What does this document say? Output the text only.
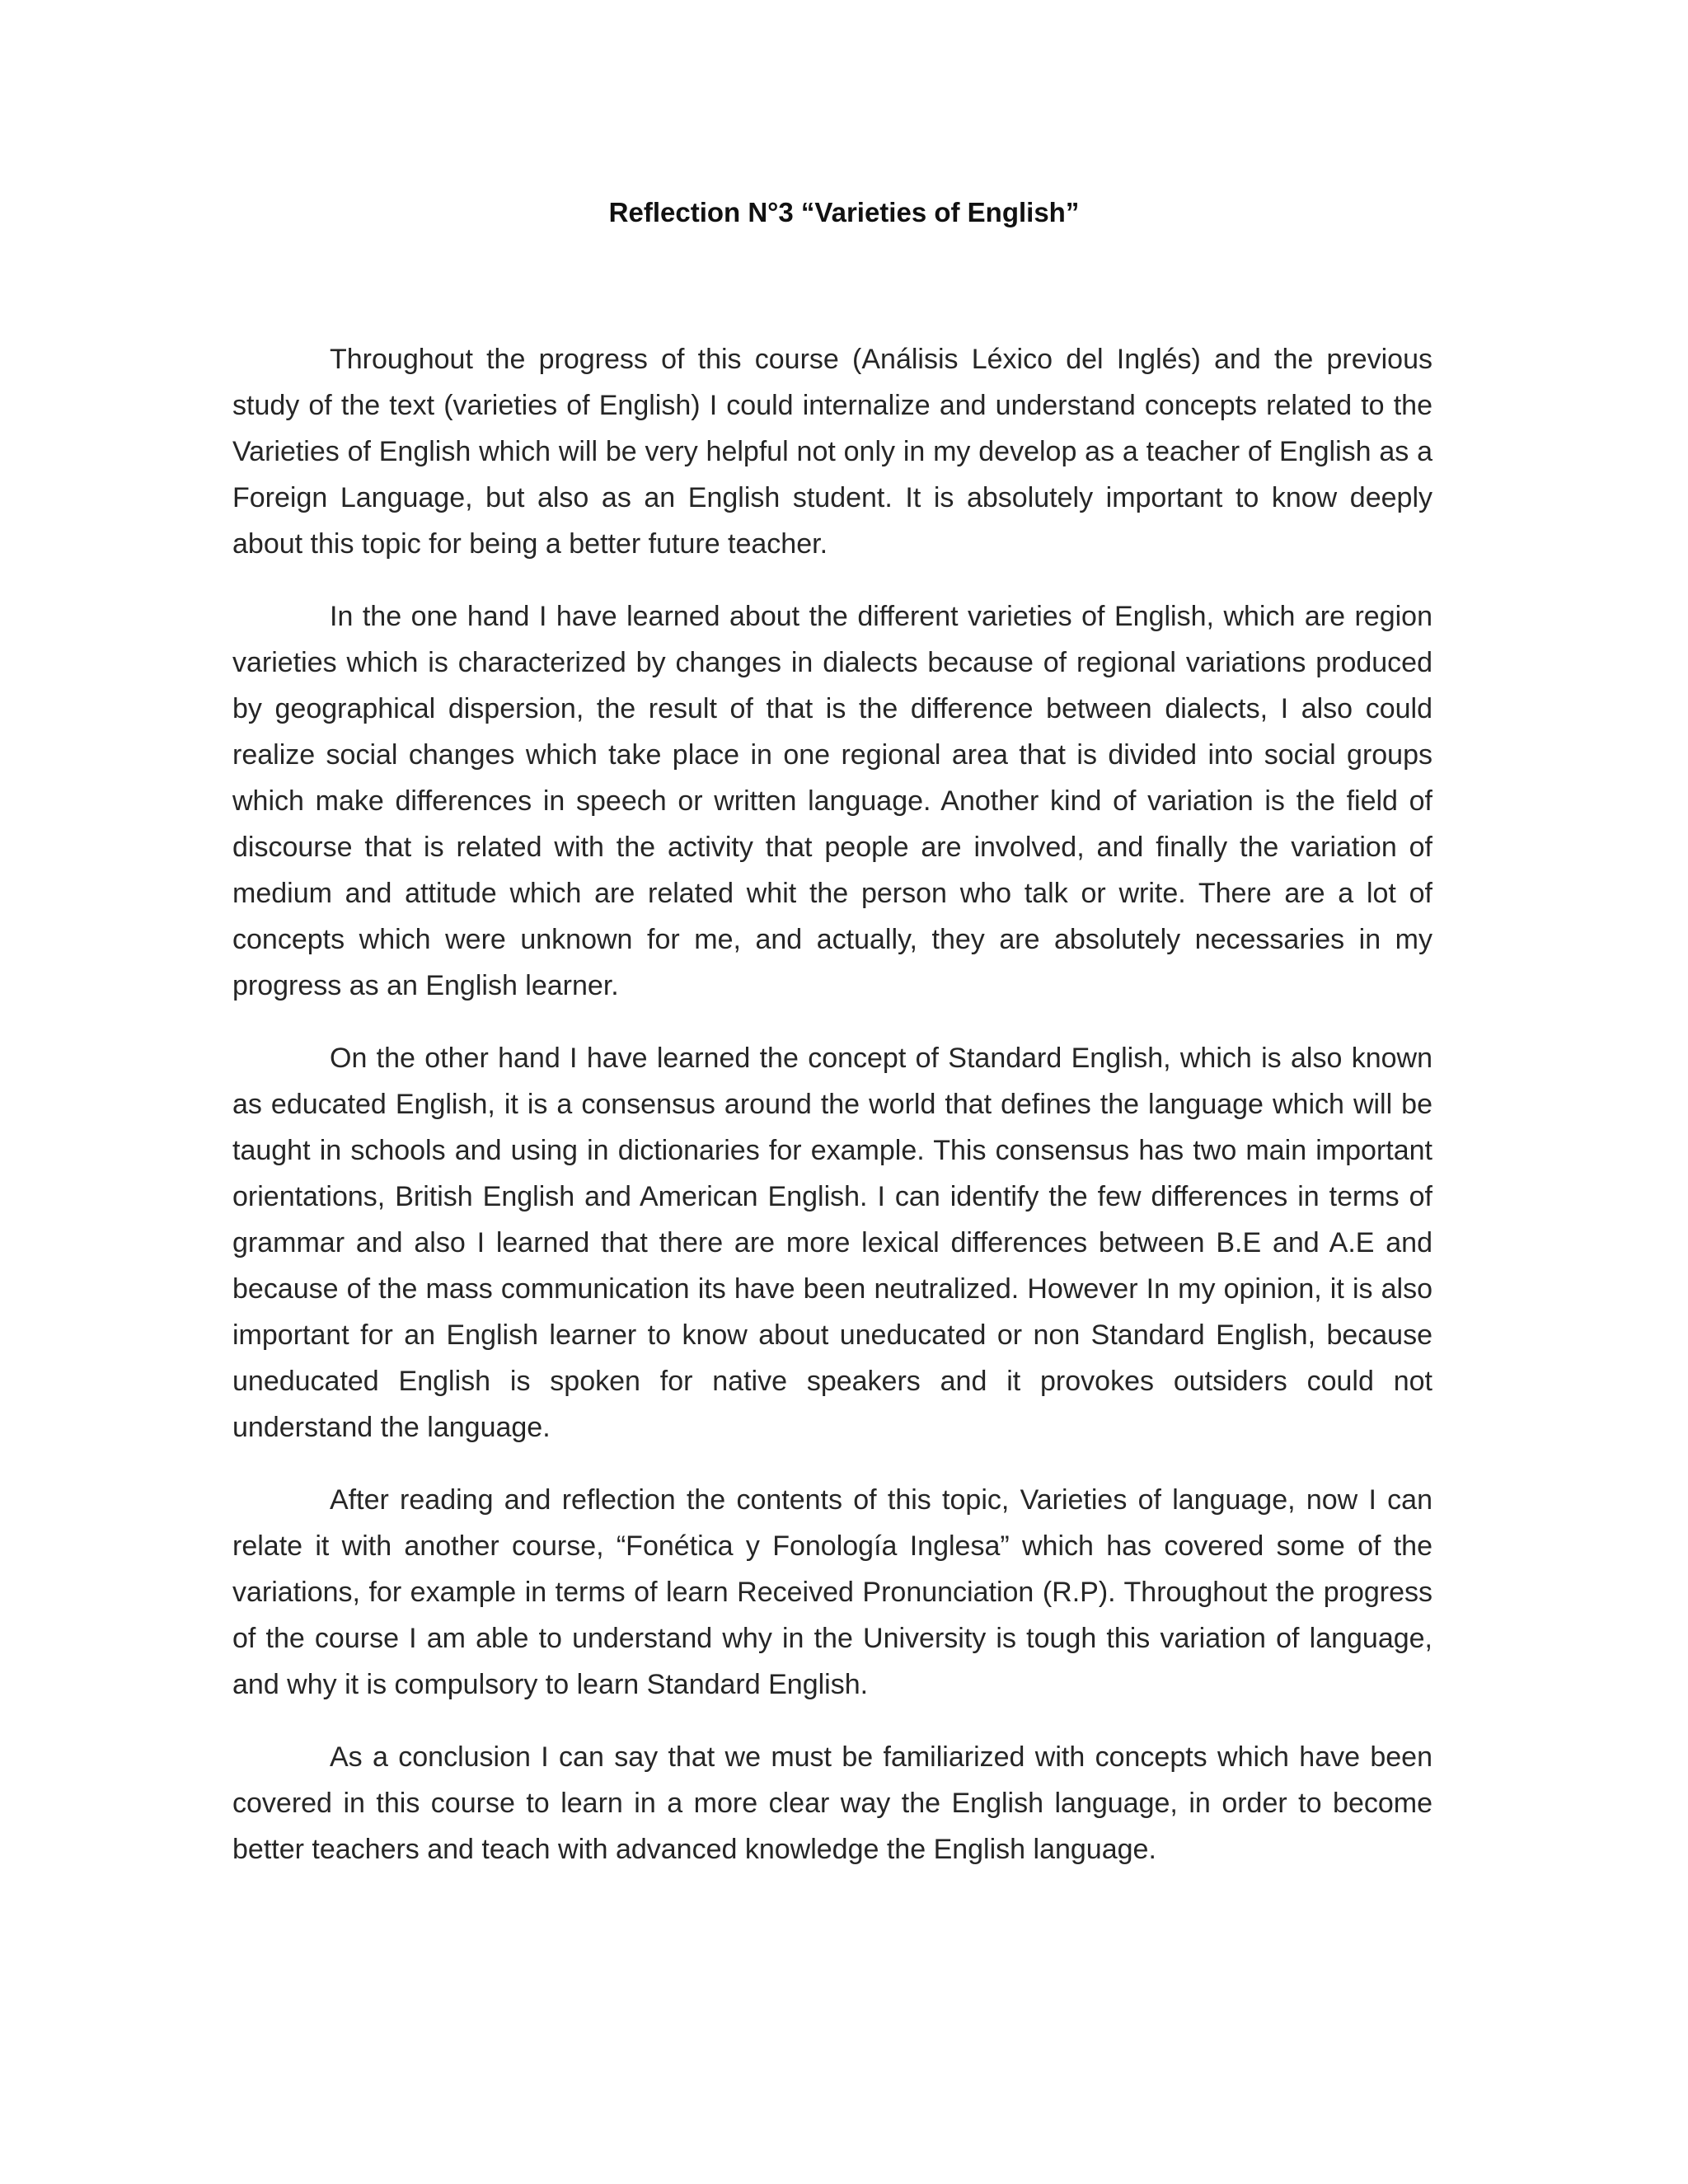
Reflection N°3 “Varieties of English”

Throughout the progress of this course (Análisis Léxico del Inglés) and the previous study of the text (varieties of English) I could internalize and understand concepts related to the Varieties of English which will be very helpful not only in my develop as a teacher of English as a Foreign Language, but also as an English student. It is absolutely important to know deeply about this topic for being a better future teacher.

In the one hand I have learned about the different varieties of English, which are region varieties which is characterized by changes in dialects because of regional variations produced by geographical dispersion, the result of that is the difference between dialects, I also could realize social changes which take place in one regional area that is divided into social groups which make differences in speech or written language. Another kind of variation is the field of discourse that is related with the activity that people are involved, and finally the variation of medium and attitude which are related whit the person who talk or write. There are a lot of concepts which were unknown for me, and actually, they are absolutely necessaries in my progress as an English learner.

On the other hand I have learned the concept of Standard English, which is also known as educated English, it is a consensus around the world that defines the language which will be taught in schools and using in dictionaries for example. This consensus has two main important orientations, British English and American English. I can identify the few differences in terms of grammar and also I learned that there are more lexical differences between B.E and A.E and because of the mass communication its have been neutralized. However In my opinion, it is also important for an English learner to know about uneducated or non Standard English, because uneducated English is spoken for native speakers and it provokes outsiders could not understand the language.

After reading and reflection the contents of this topic, Varieties of language, now I can relate it with another course, “Fonética y Fonología Inglesa” which has covered some of the variations, for example in terms of learn Received Pronunciation (R.P). Throughout the progress of the course I am able to understand why in the University is tough this variation of language, and why it is compulsory to learn Standard English.

As a conclusion I can say that we must be familiarized with concepts which have been covered in this course to learn in a more clear way the English language, in order to become better teachers and teach with advanced knowledge the English language.
